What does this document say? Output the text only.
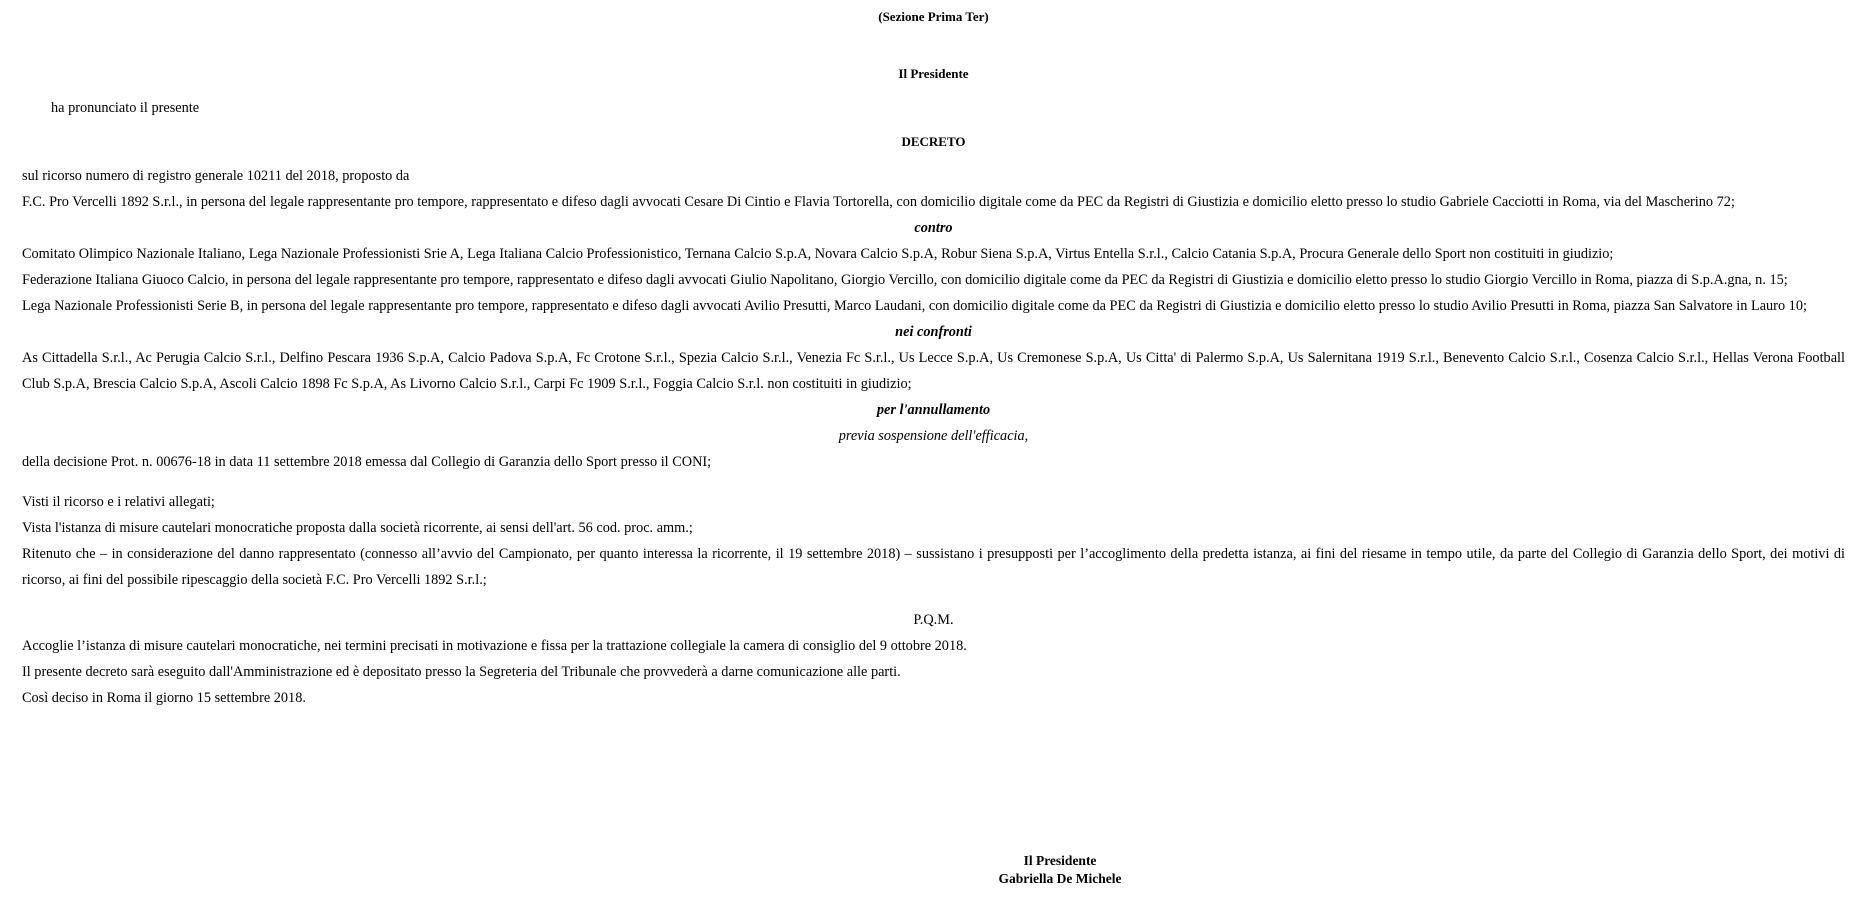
(Sezione Prima Ter)

Il Presidente

ha pronunciato il presente

DECRETO

sul ricorso numero di registro generale 10211 del 2018, proposto da

F.C. Pro Vercelli 1892 S.r.l., in persona del legale rappresentante pro tempore, rappresentato e difeso dagli avvocati Cesare Di Cintio e Flavia Tortorella, con domicilio digitale come da PEC da Registri di Giustizia e domicilio eletto presso lo studio Gabriele Cacciotti in Roma, via del Mascherino 72;

contro

Comitato Olimpico Nazionale Italiano, Lega Nazionale Professionisti Srie A, Lega Italiana Calcio Professionistico, Ternana Calcio S.p.A, Novara Calcio S.p.A, Robur Siena S.p.A, Virtus Entella S.r.l., Calcio Catania S.p.A, Procura Generale dello Sport non costituiti in giudizio;

Federazione Italiana Giuoco Calcio, in persona del legale rappresentante pro tempore, rappresentato e difeso dagli avvocati Giulio Napolitano, Giorgio Vercillo, con domicilio digitale come da PEC da Registri di Giustizia e domicilio eletto presso lo studio Giorgio Vercillo in Roma, piazza di S.p.A.gna, n. 15;

Lega Nazionale Professionisti Serie B, in persona del legale rappresentante pro tempore, rappresentato e difeso dagli avvocati Avilio Presutti, Marco Laudani, con domicilio digitale come da PEC da Registri di Giustizia e domicilio eletto presso lo studio Avilio Presutti in Roma, piazza San Salvatore in Lauro 10;

nei confronti

As Cittadella S.r.l., Ac Perugia Calcio S.r.l., Delfino Pescara 1936 S.p.A, Calcio Padova S.p.A, Fc Crotone S.r.l., Spezia Calcio S.r.l., Venezia Fc S.r.l., Us Lecce S.p.A, Us Cremonese S.p.A, Us Citta' di Palermo S.p.A, Us Salernitana 1919 S.r.l., Benevento Calcio S.r.l., Cosenza Calcio S.r.l., Hellas Verona Football Club S.p.A, Brescia Calcio S.p.A, Ascoli Calcio 1898 Fc S.p.A, As Livorno Calcio S.r.l., Carpi Fc 1909 S.r.l., Foggia Calcio S.r.l. non costituiti in giudizio;

per l'annullamento

previa sospensione dell'efficacia,

della decisione Prot. n. 00676-18 in data 11 settembre 2018 emessa dal Collegio di Garanzia dello Sport presso il CONI;

Visti il ricorso e i relativi allegati;

Vista l'istanza di misure cautelari monocratiche proposta dalla società ricorrente, ai sensi dell'art. 56 cod. proc. amm.;

Ritenuto che – in considerazione del danno rappresentato (connesso all’avvio del Campionato, per quanto interessa la ricorrente, il 19 settembre 2018) – sussistano i presupposti per l’accoglimento della predetta istanza, ai fini del riesame in tempo utile, da parte del Collegio di Garanzia dello Sport, dei motivi di ricorso, ai fini del possibile ripescaggio della società F.C. Pro Vercelli 1892 S.r.l.;

P.Q.M.

Accoglie l’istanza di misure cautelari monocratiche, nei termini precisati in motivazione e fissa per la trattazione collegiale la camera di consiglio del 9 ottobre 2018.

Il presente decreto sarà eseguito dall'Amministrazione ed è depositato presso la Segreteria del Tribunale che provvederà a darne comunicazione alle parti.

Così deciso in Roma il giorno 15 settembre 2018.

Il Presidente
Gabriella De Michele
